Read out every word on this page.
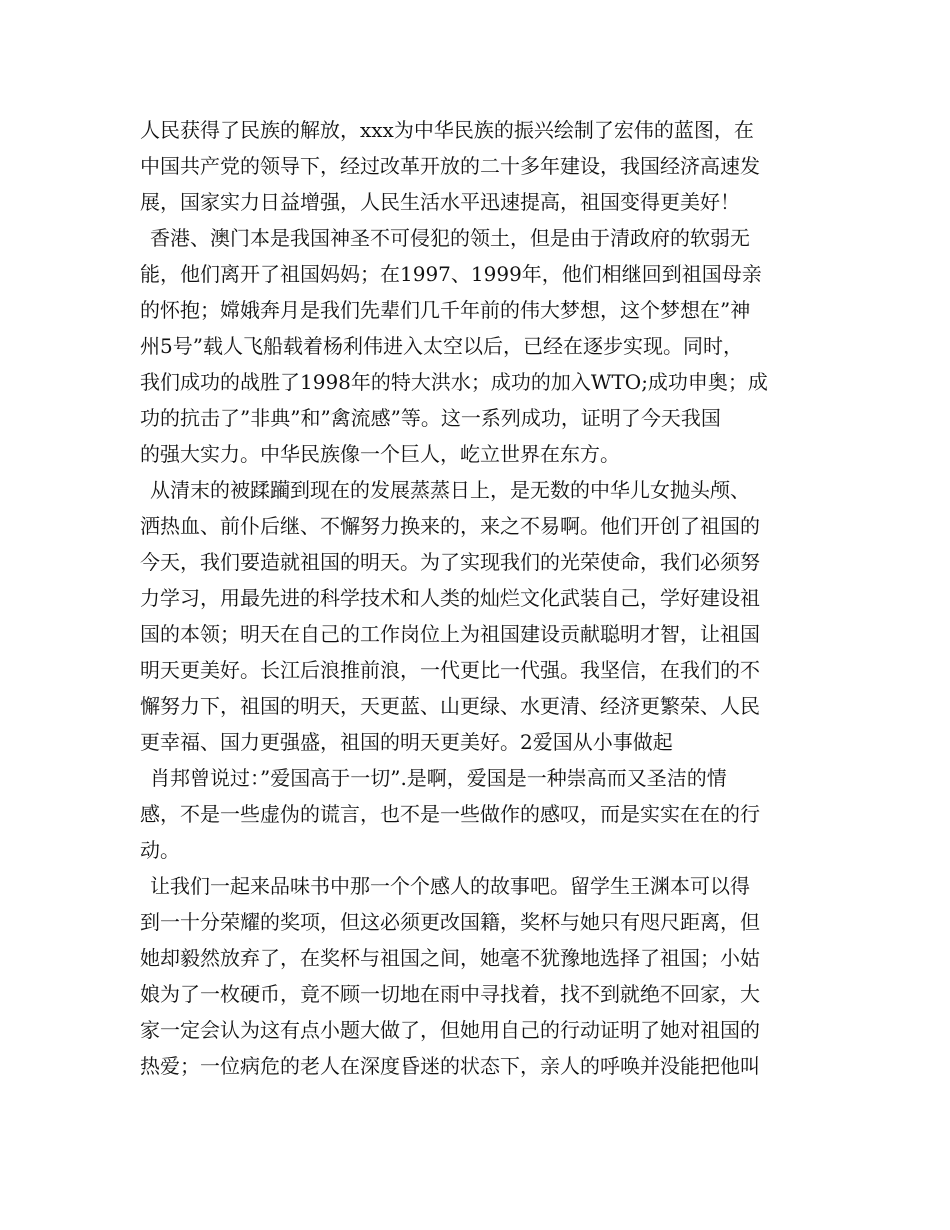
人民获得了民族的解放，xxx为中华民族的振兴绘制了宏伟的蓝图，在
中国共产党的领导下，经过改革开放的二十多年建设，我国经济高速发
展，国家实力日益增强，人民生活水平迅速提高，祖国变得更美好！
香港、澳门本是我国神圣不可侵犯的领土，但是由于清政府的软弱无
能，他们离开了祖国妈妈；在1997、1999年，他们相继回到祖国母亲
的怀抱；嫦娥奔月是我们先辈们几千年前的伟大梦想，这个梦想在”神
州5号”载人飞船载着杨利伟进入太空以后，已经在逐步实现。同时，
我们成功的战胜了1998年的特大洪水；成功的加入WTO;成功申奥；成
功的抗击了”非典”和”禽流感”等。这一系列成功，证明了今天我国
的强大实力。中华民族像一个巨人，屹立世界在东方。
从清末的被蹂躏到现在的发展蒸蒸日上，是无数的中华儿女抛头颅、
洒热血、前仆后继、不懈努力换来的，来之不易啊。他们开创了祖国的
今天，我们要造就祖国的明天。为了实现我们的光荣使命，我们必须努
力学习，用最先进的科学技术和人类的灿烂文化武装自己，学好建设祖
国的本领；明天在自己的工作岗位上为祖国建设贡献聪明才智，让祖国
明天更美好。长江后浪推前浪，一代更比一代强。我坚信，在我们的不
懈努力下，祖国的明天，天更蓝、山更绿、水更清、经济更繁荣、人民
更幸福、国力更强盛，祖国的明天更美好。2爱国从小事做起
肖邦曾说过：”爱国高于一切”.是啊，爱国是一种崇高而又圣洁的情
感，不是一些虚伪的谎言，也不是一些做作的感叹，而是实实在在的行
动。
让我们一起来品味书中那一个个感人的故事吧。留学生王渊本可以得
到一十分荣耀的奖项，但这必须更改国籍，奖杯与她只有咫尺距离，但
她却毅然放弃了，在奖杯与祖国之间，她毫不犹豫地选择了祖国；小姑
娘为了一枚硬币，竟不顾一切地在雨中寻找着，找不到就绝不回家，大
家一定会认为这有点小题大做了，但她用自己的行动证明了她对祖国的
热爱；一位病危的老人在深度昏迷的状态下，亲人的呼唤并没能把他叫
